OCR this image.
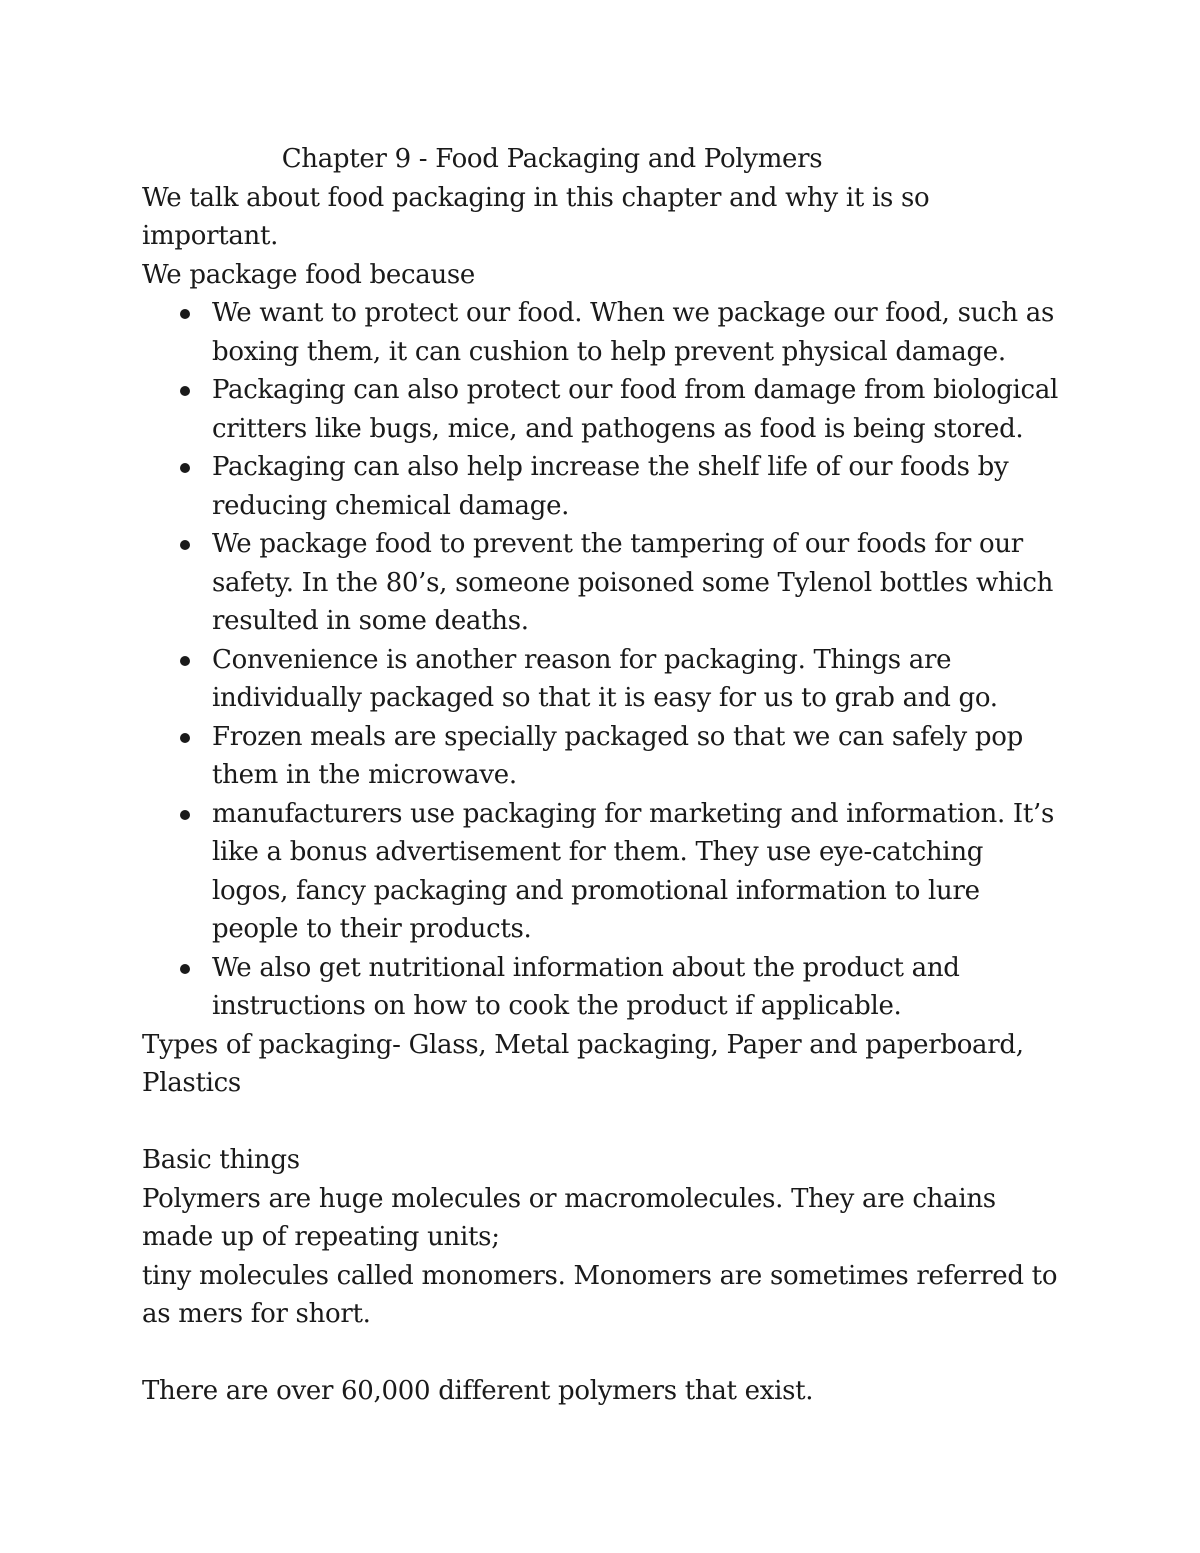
Chapter 9 - Food Packaging and Polymers

We talk about food packaging in this chapter and why it is so important.

We package food because

We want to protect our food. When we package our food, such as boxing them, it can cushion to help prevent physical damage.
Packaging can also protect our food from damage from biological critters like bugs, mice, and pathogens as food is being stored.
Packaging can also help increase the shelf life of our foods by reducing chemical damage.
We package food to prevent the tampering of our foods for our safety. In the 80’s, someone poisoned some Tylenol bottles which resulted in some deaths.
Convenience is another reason for packaging. Things are individually packaged so that it is easy for us to grab and go.
Frozen meals are specially packaged so that we can safely pop them in the microwave.
manufacturers use packaging for marketing and information. It’s like a bonus advertisement for them. They use eye-catching logos, fancy packaging and promotional information to lure people to their products.
We also get nutritional information about the product and instructions on how to cook the product if applicable.

Types of packaging- Glass, Metal packaging, Paper and paperboard, Plastics

Basic things

Polymers are huge molecules or macromolecules. They are chains made up of repeating units;

tiny molecules called monomers. Monomers are sometimes referred to as mers for short.

There are over 60,000 different polymers that exist.
